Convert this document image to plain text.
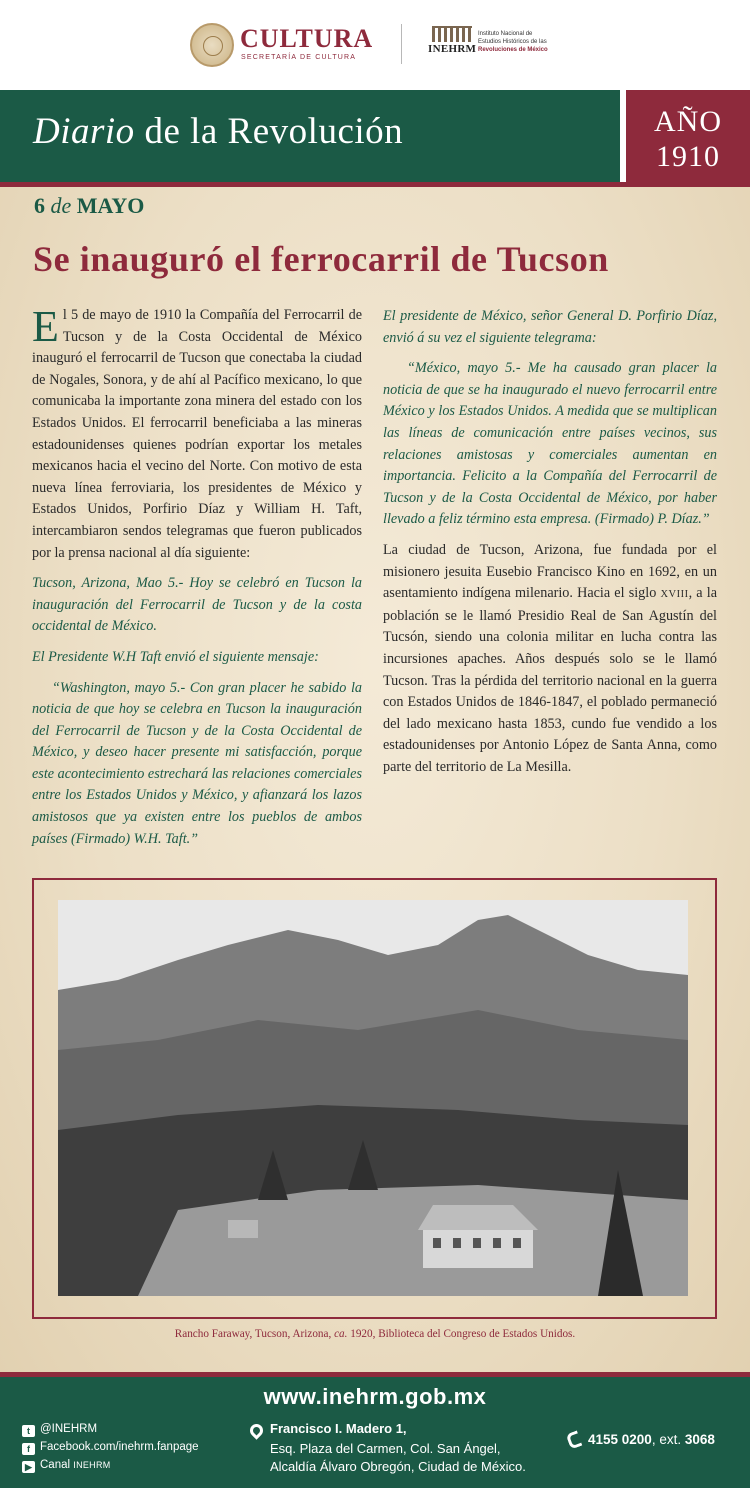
CULTURA
SECRETARÍA DE CULTURA
INEHRM
Instituto Nacional de
Estudios Históricos de las
Revoluciones de México
Diario de la Revolución	AÑO
1910
6 de MAYO
Se inauguró el ferrocarril de Tucson

El 5 de mayo de 1910 la Compañía del Ferrocarril de Tucson y de la Costa Occidental de México inauguró el ferrocarril de Tucson que conectaba la ciudad de Nogales, Sonora, y de ahí al Pacífico mexicano, lo que comunicaba la importante zona minera del estado con los Estados Unidos. El ferrocarril beneficiaba a las mineras estadounidenses quienes podrían exportar los metales mexicanos hacia el vecino del Norte. Con motivo de esta nueva línea ferroviaria, los presidentes de México y Estados Unidos, Porfirio Díaz y William H. Taft, intercambiaron sendos telegramas que fueron publicados por la prensa nacional al día siguiente:

Tucson, Arizona, Mao 5.- Hoy se celebró en Tucson la inauguración del Ferrocarril de Tucson y de la costa occidental de México.

El Presidente W.H Taft envió el siguiente mensaje:

“Washington, mayo 5.- Con gran placer he sabido la noticia de que hoy se celebra en Tucson la inauguración del Ferrocarril de Tucson y de la Costa Occidental de México, y deseo hacer presente mi satisfacción, porque este acontecimiento estrechará las relaciones comerciales entre los Estados Unidos y México, y afianzará los lazos amistosos que ya existen entre los pueblos de ambos países (Firmado) W.H. Taft.”

El presidente de México, señor General D. Porfirio Díaz, envió á su vez el siguiente telegrama:

“México, mayo 5.- Me ha causado gran placer la noticia de que se ha inaugurado el nuevo ferrocarril entre México y los Estados Unidos. A medida que se multiplican las líneas de comunicación entre países vecinos, sus relaciones amistosas y comerciales aumentan en importancia. Felicito a la Compañía del Ferrocarril de Tucson y de la Costa Occidental de México, por haber llevado a feliz término esta empresa. (Firmado) P. Díaz.”

La ciudad de Tucson, Arizona, fue fundada por el misionero jesuita Eusebio Francisco Kino en 1692, en un asentamiento indígena milenario. Hacia el siglo XVIII, a la población se le llamó Presidio Real de San Agustín del Tucsón, siendo una colonia militar en lucha contra las incursiones apaches. Años después solo se le llamó Tucson. Tras la pérdida del territorio nacional en la guerra con Estados Unidos de 1846-1847, el poblado permaneció del lado mexicano hasta 1853, cundo fue vendido a los estadounidenses por Antonio López de Santa Anna, como parte del territorio de La Mesilla.

Rancho Faraway, Tucson, Arizona, ca. 1920, Biblioteca del Congreso de Estados Unidos.
www.inehrm.gob.mx
t @INEHRM
f Facebook.com/inehrm.fanpage
▶ Canal INEHRM
Francisco I. Madero 1,
Esq. Plaza del Carmen, Col. San Ángel,
Alcaldía Álvaro Obregón, Ciudad de México.
4155 0200, ext. 3068
